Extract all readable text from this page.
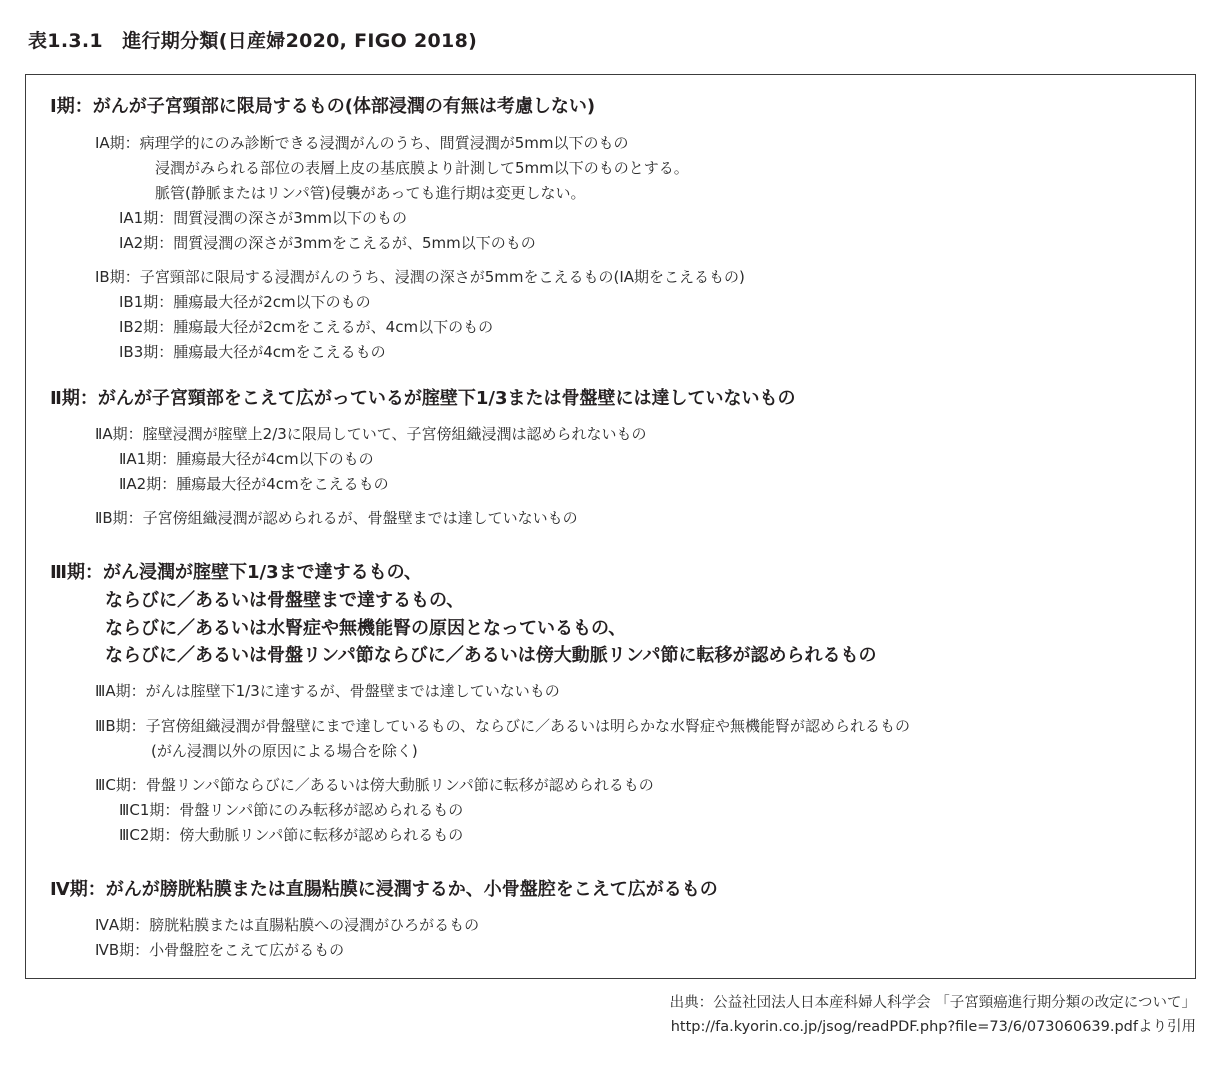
表1.3.1　進行期分類(日産婦2020, FIGO 2018)
Ⅰ期：がんが子宮頸部に限局するもの(体部浸潤の有無は考慮しない)
ⅠA期：病理学的にのみ診断できる浸潤がんのうち、間質浸潤が5mm以下のもの
浸潤がみられる部位の表層上皮の基底膜より計測して5mm以下のものとする。
脈管(静脈またはリンパ管)侵襲があっても進行期は変更しない。
ⅠA1期：間質浸潤の深さが3mm以下のもの
ⅠA2期：間質浸潤の深さが3mmをこえるが、5mm以下のもの
ⅠB期：子宮頸部に限局する浸潤がんのうち、浸潤の深さが5mmをこえるもの(IA期をこえるもの)
ⅠB1期：腫瘍最大径が2cm以下のもの
ⅠB2期：腫瘍最大径が2cmをこえるが、4cm以下のもの
ⅠB3期：腫瘍最大径が4cmをこえるもの
Ⅱ期：がんが子宮頸部をこえて広がっているが腟壁下1/3または骨盤壁には達していないもの
ⅡA期：腟壁浸潤が腟壁上2/3に限局していて、子宮傍組織浸潤は認められないもの
ⅡA1期：腫瘍最大径が4cm以下のもの
ⅡA2期：腫瘍最大径が4cmをこえるもの
ⅡB期：子宮傍組織浸潤が認められるが、骨盤壁までは達していないもの
Ⅲ期：がん浸潤が腟壁下1/3まで達するもの、
ならびに／あるいは骨盤壁まで達するもの、
ならびに／あるいは水腎症や無機能腎の原因となっているもの、
ならびに／あるいは骨盤リンパ節ならびに／あるいは傍大動脈リンパ節に転移が認められるもの
ⅢA期：がんは腟壁下1/3に達するが、骨盤壁までは達していないもの
ⅢB期：子宮傍組織浸潤が骨盤壁にまで達しているもの、ならびに／あるいは明らかな水腎症や無機能腎が認められるもの
(がん浸潤以外の原因による場合を除く)
ⅢC期：骨盤リンパ節ならびに／あるいは傍大動脈リンパ節に転移が認められるもの
ⅢC1期：骨盤リンパ節にのみ転移が認められるもの
ⅢC2期：傍大動脈リンパ節に転移が認められるもの
Ⅳ期：がんが膀胱粘膜または直腸粘膜に浸潤するか、小骨盤腔をこえて広がるもの
ⅣA期：膀胱粘膜または直腸粘膜への浸潤がひろがるもの
ⅣB期：小骨盤腔をこえて広がるもの
出典：公益社団法人日本産科婦人科学会 「子宮頸癌進行期分類の改定について」
http://fa.kyorin.co.jp/jsog/readPDF.php?file=73/6/073060639.pdfより引用
